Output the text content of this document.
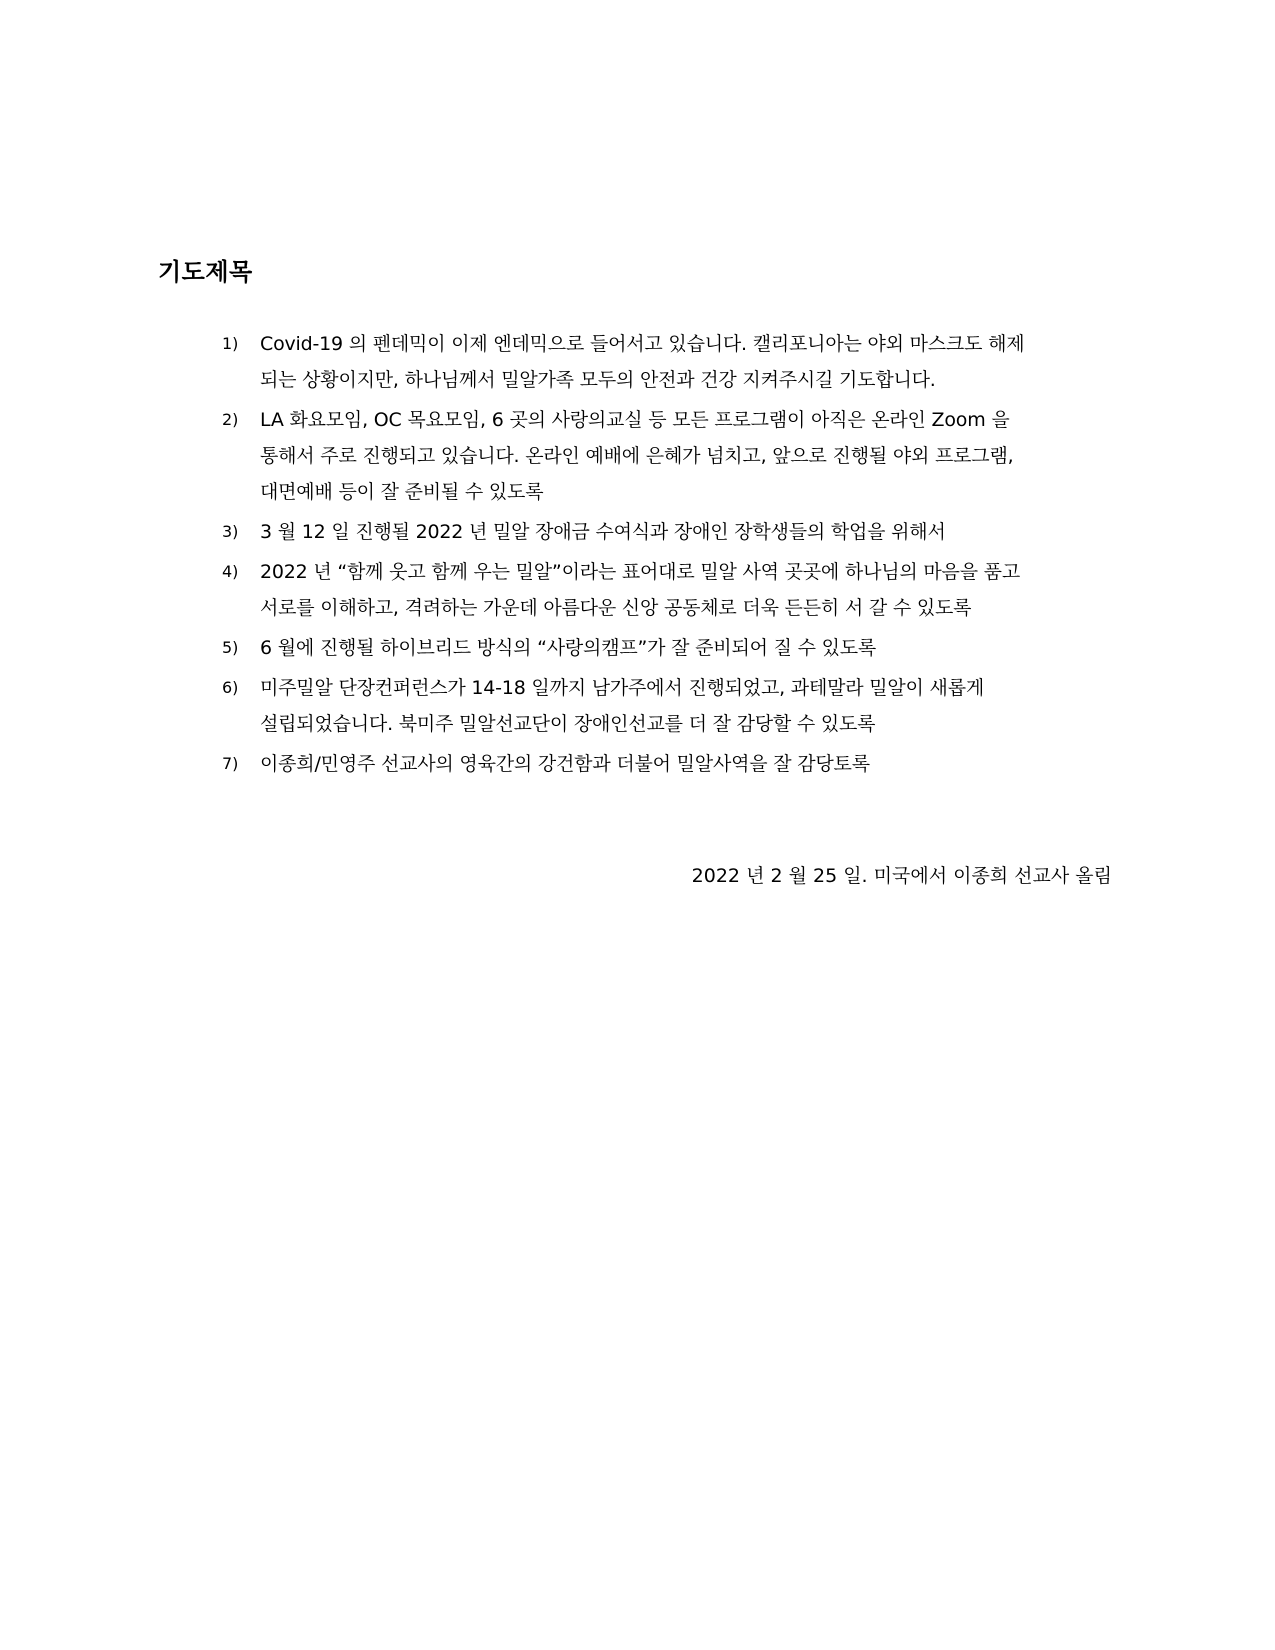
기도제목
1)	Covid-19 의 펜데믹이 이제 엔데믹으로 들어서고 있습니다. 캘리포니아는 야외 마스크도 해제
되는 상황이지만, 하나님께서 밀알가족 모두의 안전과 건강 지켜주시길 기도합니다.
2)	LA 화요모임, OC 목요모임, 6 곳의 사랑의교실 등 모든 프로그램이 아직은 온라인 Zoom 을
통해서 주로 진행되고 있습니다. 온라인 예배에 은혜가 넘치고, 앞으로 진행될 야외 프로그램,
대면예배 등이 잘 준비될 수 있도록
3)	3 월 12 일 진행될 2022 년 밀알 장애금 수여식과 장애인 장학생들의 학업을 위해서
4)	2022 년 “함께 웃고 함께 우는 밀알”이라는 표어대로 밀알 사역 곳곳에 하나님의 마음을 품고
서로를 이해하고, 격려하는 가운데 아름다운 신앙 공동체로 더욱 든든히 서 갈 수 있도록
5)	6 월에 진행될 하이브리드 방식의 “사랑의캠프”가 잘 준비되어 질 수 있도록
6)	미주밀알 단장컨퍼런스가 14-18 일까지 남가주에서 진행되었고, 과테말라 밀알이 새롭게
설립되었습니다. 북미주 밀알선교단이 장애인선교를 더 잘 감당할 수 있도록
7)	이종희/민영주 선교사의 영육간의 강건함과 더불어 밀알사역을 잘 감당토록

2022 년 2 월 25 일. 미국에서 이종희 선교사 올림
